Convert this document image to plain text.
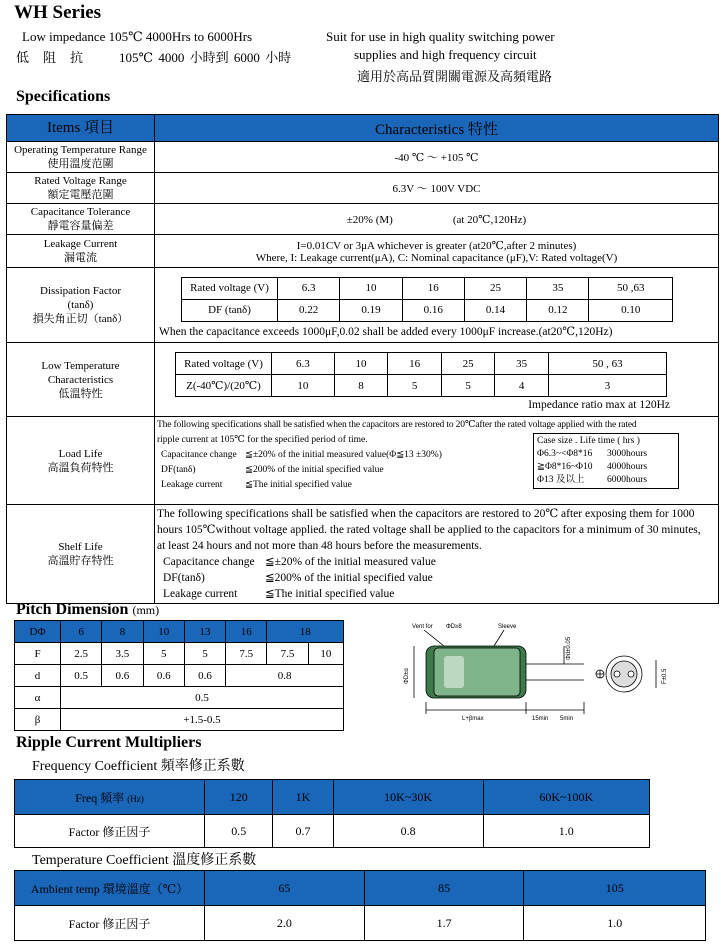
WH Series
Low impedance 105℃ 4000Hrs to 6000Hrs
低 阻 抗	105℃ 4000 小時到 6000 小時
Suit for use in high quality switching power
supplies and high frequency circuit
適用於高品質開關電源及高頻電路
Specifications
Items 項目	Characteristics 特性

Operating Temperature Range
使用溫度范圍	-40 ℃ ～ +105 ℃

Rated Voltage Range
額定電壓范圍	6.3V ～ 100V VDC

Capacitance Tolerance
靜電容量偏差
	±20% (M)	(at 20℃,120Hz)

Leakage Current
漏電流

I=0.01CV or 3μA whichever is greater (at20℃,after 2 minutes)
Where, I: Leakage current(μA), C: Nominal capacitance (μF),V: Rated voltage(V)

Dissipation Factor
(tanδ)
損失角正切（tanδ）

Rated voltage (V)	6.3	10	16	25	35	50 ,63
DF (tanδ)	0.22	0.19	0.16	0.14	0.12	0.10
When the capacitance exceeds 1000μF,0.02 shall be added every 1000μF increase.(at20℃,120Hz)

Low Temperature
Characteristics
低溫特性

Rated voltage (V)	6.3	10	16	25	35	50 , 63
Z(-40℃)/(20℃)	10	8	5	5	4	3
Impedance ratio max at 120Hz

Load Life
高溫負荷特性

The following specifications shall be satisfied when the capacitors are restored to 20℃after the rated voltage applied with the rated
ripple current at 105℃ for the specified period of time.
Capacitance change ≦±20% of the initial measured value(Φ≦13 ±30%)
DF(tanδ)	≦200% of the initial specified value
Leakage current ≦The initial specified value
Case size . Life time ( hrs )
Φ6.3~<Φ8*16 3000hours
≧Φ8*16~Φ10 4000hours
Φ13 及以上 6000hours

Shelf Life
高溫貯存特性

The following specifications shall be satisfied when the capacitors are restored to 20℃ after exposing them for 1000
hours 105℃without voltage applied. the rated voltage shall be applied to the capacitors for a minimum of 30 minutes,
at least 24 hours and not more than 48 hours before the measurements.
Capacitance change ≦±20% of the initial measured value
DF(tanδ)	≦200% of the initial specified value
Leakage current ≦The initial specified value
Pitch Dimension (mm)
DΦ	6	8	10	13	16	18	
F	2.5	3.5	5	5	7.5	7.5	10
d	0.5	0.6	0.6	0.6	0.8		
α	0.5						
β	+1.5-0.5						
Vent for ΦD≥8	Sleeve
L+βmax	15min 5min
ΦD±α
Φd±0.05
F±0.5
Ripple Current Multipliers
Frequency Coefficient 頻率修正系數
Freq 頻率 (Hz)	120	1K	10K~30K	60K~100K
Factor 修正因子	0.5	0.7	0.8	1.0
Temperature Coefficient 溫度修正系數
Ambient temp 環境溫度（℃）	65	85	105
Factor 修正因子	2.0	1.7	1.0
